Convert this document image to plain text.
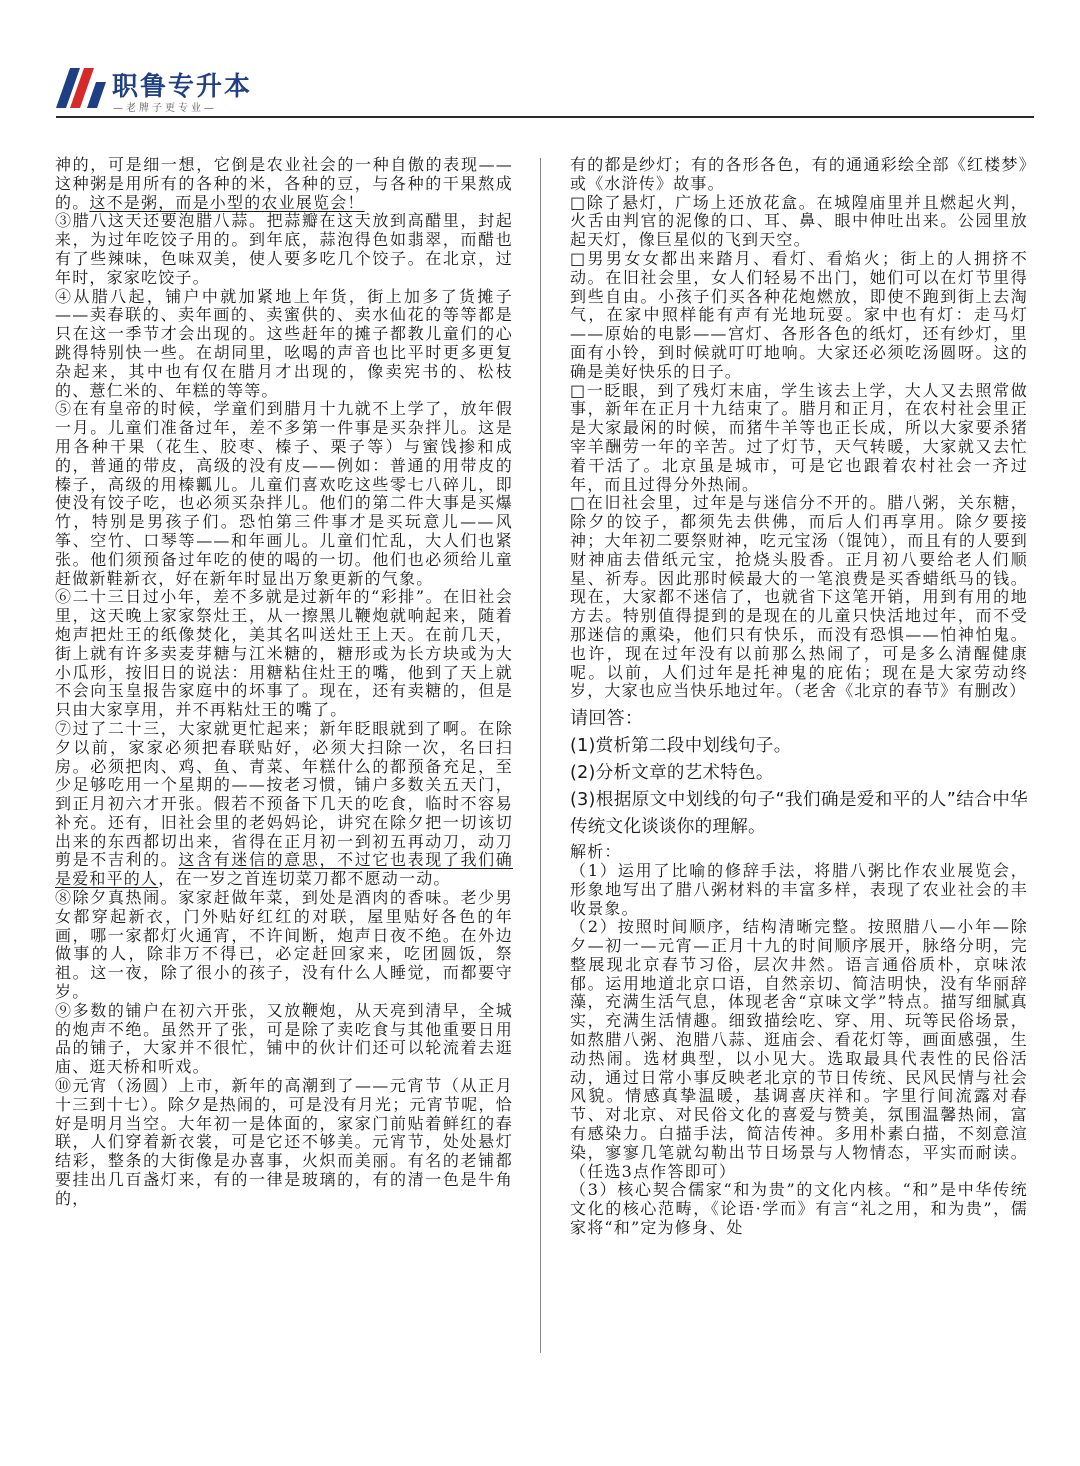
职鲁专升本
—老牌子更专业—

神的，可是细一想，它倒是农业社会的一种自傲的表现——这种粥是用所有的各种的米，各种的豆，与各种的干果熬成的。这不是粥，而是小型的农业展览会！

③腊八这天还要泡腊八蒜。把蒜瓣在这天放到高醋里，封起来，为过年吃饺子用的。到年底，蒜泡得色如翡翠，而醋也有了些辣味，色味双美，使人要多吃几个饺子。在北京，过年时，家家吃饺子。

④从腊八起，铺户中就加紧地上年货，街上加多了货摊子——卖春联的、卖年画的、卖蜜供的、卖水仙花的等等都是只在这一季节才会出现的。这些赶年的摊子都教儿童们的心跳得特别快一些。在胡同里，吆喝的声音也比平时更多更复杂起来，其中也有仅在腊月才出现的，像卖宪书的、松枝的、薏仁米的、年糕的等等。

⑤在有皇帝的时候，学童们到腊月十九就不上学了，放年假一月。儿童们准备过年，差不多第一件事是买杂拌儿。这是用各种干果（花生、胶枣、榛子、栗子等）与蜜饯掺和成的，普通的带皮，高级的没有皮——例如：普通的用带皮的榛子，高级的用榛瓤儿。儿童们喜欢吃这些零七八碎儿，即使没有饺子吃，也必须买杂拌儿。他们的第二件大事是买爆竹，特别是男孩子们。恐怕第三件事才是买玩意儿——风筝、空竹、口琴等——和年画儿。儿童们忙乱，大人们也紧张。他们须预备过年吃的使的喝的一切。他们也必须给儿童赶做新鞋新衣，好在新年时显出万象更新的气象。

⑥二十三日过小年，差不多就是过新年的“彩排”。在旧社会里，这天晚上家家祭灶王，从一擦黑儿鞭炮就响起来，随着炮声把灶王的纸像焚化，美其名叫送灶王上天。在前几天，街上就有许多卖麦芽糖与江米糖的，糖形或为长方块或为大小瓜形，按旧日的说法：用糖粘住灶王的嘴，他到了天上就不会向玉皇报告家庭中的坏事了。现在，还有卖糖的，但是只由大家享用，并不再粘灶王的嘴了。

⑦过了二十三，大家就更忙起来；新年眨眼就到了啊。在除夕以前，家家必须把春联贴好，必须大扫除一次，名曰扫房。必须把肉、鸡、鱼、青菜、年糕什么的都预备充足，至少足够吃用一个星期的——按老习惯，铺户多数关五天门，到正月初六才开张。假若不预备下几天的吃食，临时不容易补充。还有，旧社会里的老妈妈论，讲究在除夕把一切该切出来的东西都切出来，省得在正月初一到初五再动刀，动刀剪是不吉利的。这含有迷信的意思，不过它也表现了我们确是爱和平的人，在一岁之首连切菜刀都不愿动一动。

⑧除夕真热闹。家家赶做年菜，到处是酒肉的香味。老少男女都穿起新衣，门外贴好红红的对联，屋里贴好各色的年画，哪一家都灯火通宵，不许间断，炮声日夜不绝。在外边做事的人，除非万不得已，必定赶回家来，吃团圆饭，祭祖。这一夜，除了很小的孩子，没有什么人睡觉，而都要守岁。

⑨多数的铺户在初六开张，又放鞭炮，从天亮到清早，全城的炮声不绝。虽然开了张，可是除了卖吃食与其他重要日用品的铺子，大家并不很忙，铺中的伙计们还可以轮流着去逛庙、逛天桥和听戏。

⑩元宵（汤圆）上市，新年的高潮到了——元宵节（从正月十三到十七）。除夕是热闹的，可是没有月光；元宵节呢，恰好是明月当空。大年初一是体面的，家家门前贴着鲜红的春联，人们穿着新衣裳，可是它还不够美。元宵节，处处悬灯结彩，整条的大街像是办喜事，火炽而美丽。有名的老铺都要挂出几百盏灯来，有的一律是玻璃的，有的清一色是牛角的，

有的都是纱灯；有的各形各色，有的通通彩绘全部《红楼梦》或《水浒传》故事。

□除了悬灯，广场上还放花盒。在城隍庙里并且燃起火判，火舌由判官的泥像的口、耳、鼻、眼中伸吐出来。公园里放起天灯，像巨星似的飞到天空。

□男男女女都出来踏月、看灯、看焰火；街上的人拥挤不动。在旧社会里，女人们轻易不出门，她们可以在灯节里得到些自由。小孩子们买各种花炮燃放，即使不跑到街上去淘气，在家中照样能有声有光地玩耍。家中也有灯：走马灯——原始的电影——宫灯、各形各色的纸灯，还有纱灯，里面有小铃，到时候就叮叮地响。大家还必须吃汤圆呀。这的确是美好快乐的日子。

□一眨眼，到了残灯末庙，学生该去上学，大人又去照常做事，新年在正月十九结束了。腊月和正月，在农村社会里正是大家最闲的时候，而猪牛羊等也正长成，所以大家要杀猪宰羊酬劳一年的辛苦。过了灯节，天气转暖，大家就又去忙着干活了。北京虽是城市，可是它也跟着农村社会一齐过年，而且过得分外热闹。

□在旧社会里，过年是与迷信分不开的。腊八粥，关东糖，除夕的饺子，都须先去供佛，而后人们再享用。除夕要接神；大年初二要祭财神，吃元宝汤（馄饨），而且有的人要到财神庙去借纸元宝，抢烧头股香。正月初八要给老人们顺星、祈寿。因此那时候最大的一笔浪费是买香蜡纸马的钱。现在，大家都不迷信了，也就省下这笔开销，用到有用的地方去。特别值得提到的是现在的儿童只快活地过年，而不受那迷信的熏染，他们只有快乐，而没有恐惧——怕神怕鬼。也许，现在过年没有以前那么热闹了，可是多么清醒健康呢。以前，人们过年是托神鬼的庇佑；现在是大家劳动终岁，大家也应当快乐地过年。（老舍《北京的春节》有删改）

请回答：

(1)赏析第二段中划线句子。

(2)分析文章的艺术特色。

(3)根据原文中划线的句子“我们确是爱和平的人”结合中华传统文化谈谈你的理解。

解析：

（1）运用了比喻的修辞手法，将腊八粥比作农业展览会，形象地写出了腊八粥材料的丰富多样，表现了农业社会的丰收景象。

（2）按照时间顺序，结构清晰完整。按照腊八—小年—除夕—初一—元宵—正月十九的时间顺序展开，脉络分明，完整展现北京春节习俗，层次井然。语言通俗质朴，京味浓郁。运用地道北京口语，自然亲切、简洁明快，没有华丽辞藻，充满生活气息，体现老舍“京味文学”特点。描写细腻真实，充满生活情趣。细致描绘吃、穿、用、玩等民俗场景，如熬腊八粥、泡腊八蒜、逛庙会、看花灯等，画面感强，生动热闹。选材典型，以小见大。选取最具代表性的民俗活动，通过日常小事反映老北京的节日传统、民风民情与社会风貌。情感真挚温暖，基调喜庆祥和。字里行间流露对春节、对北京、对民俗文化的喜爱与赞美，氛围温馨热闹，富有感染力。白描手法，简洁传神。多用朴素白描，不刻意渲染，寥寥几笔就勾勒出节日场景与人物情态，平实而耐读。（任选3点作答即可）

（3）核心契合儒家“和为贵”的文化内核。“和”是中华传统文化的核心范畴，《论语·学而》有言“礼之用，和为贵”，儒家将“和”定为修身、处
